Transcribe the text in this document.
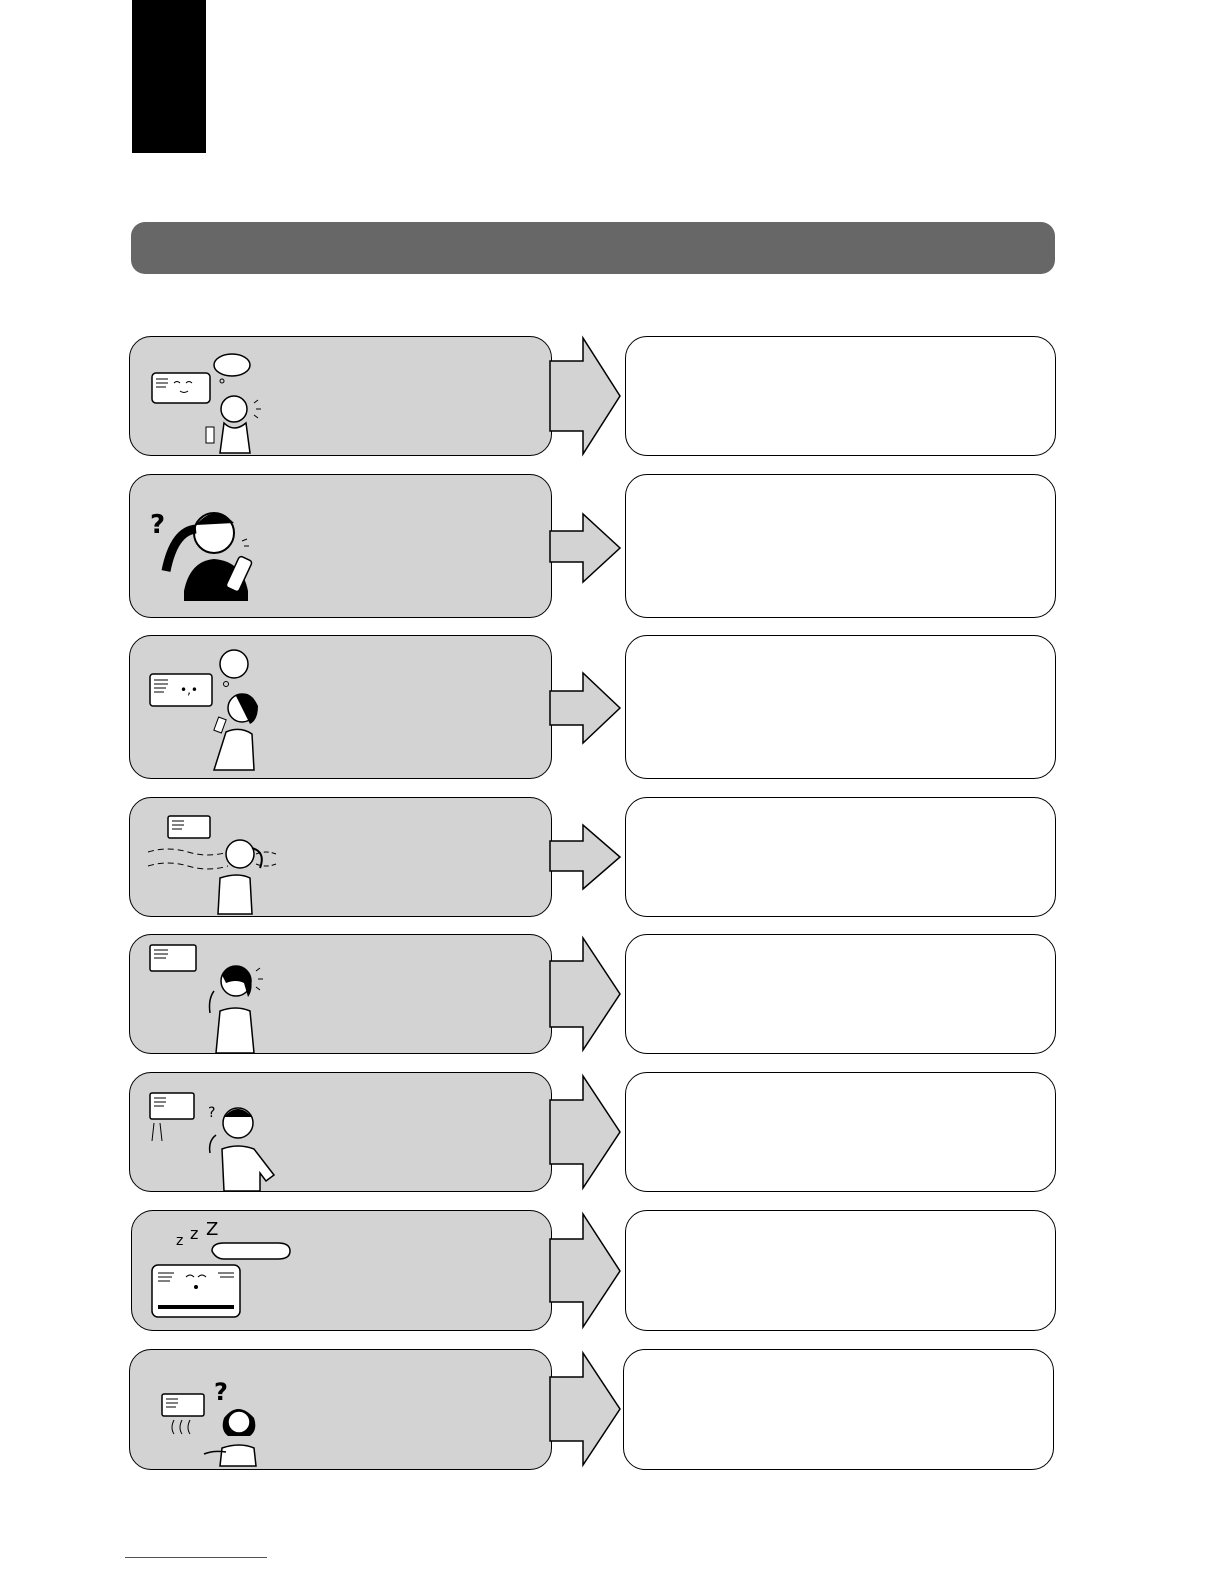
?
•,•
?
z z Z
?
